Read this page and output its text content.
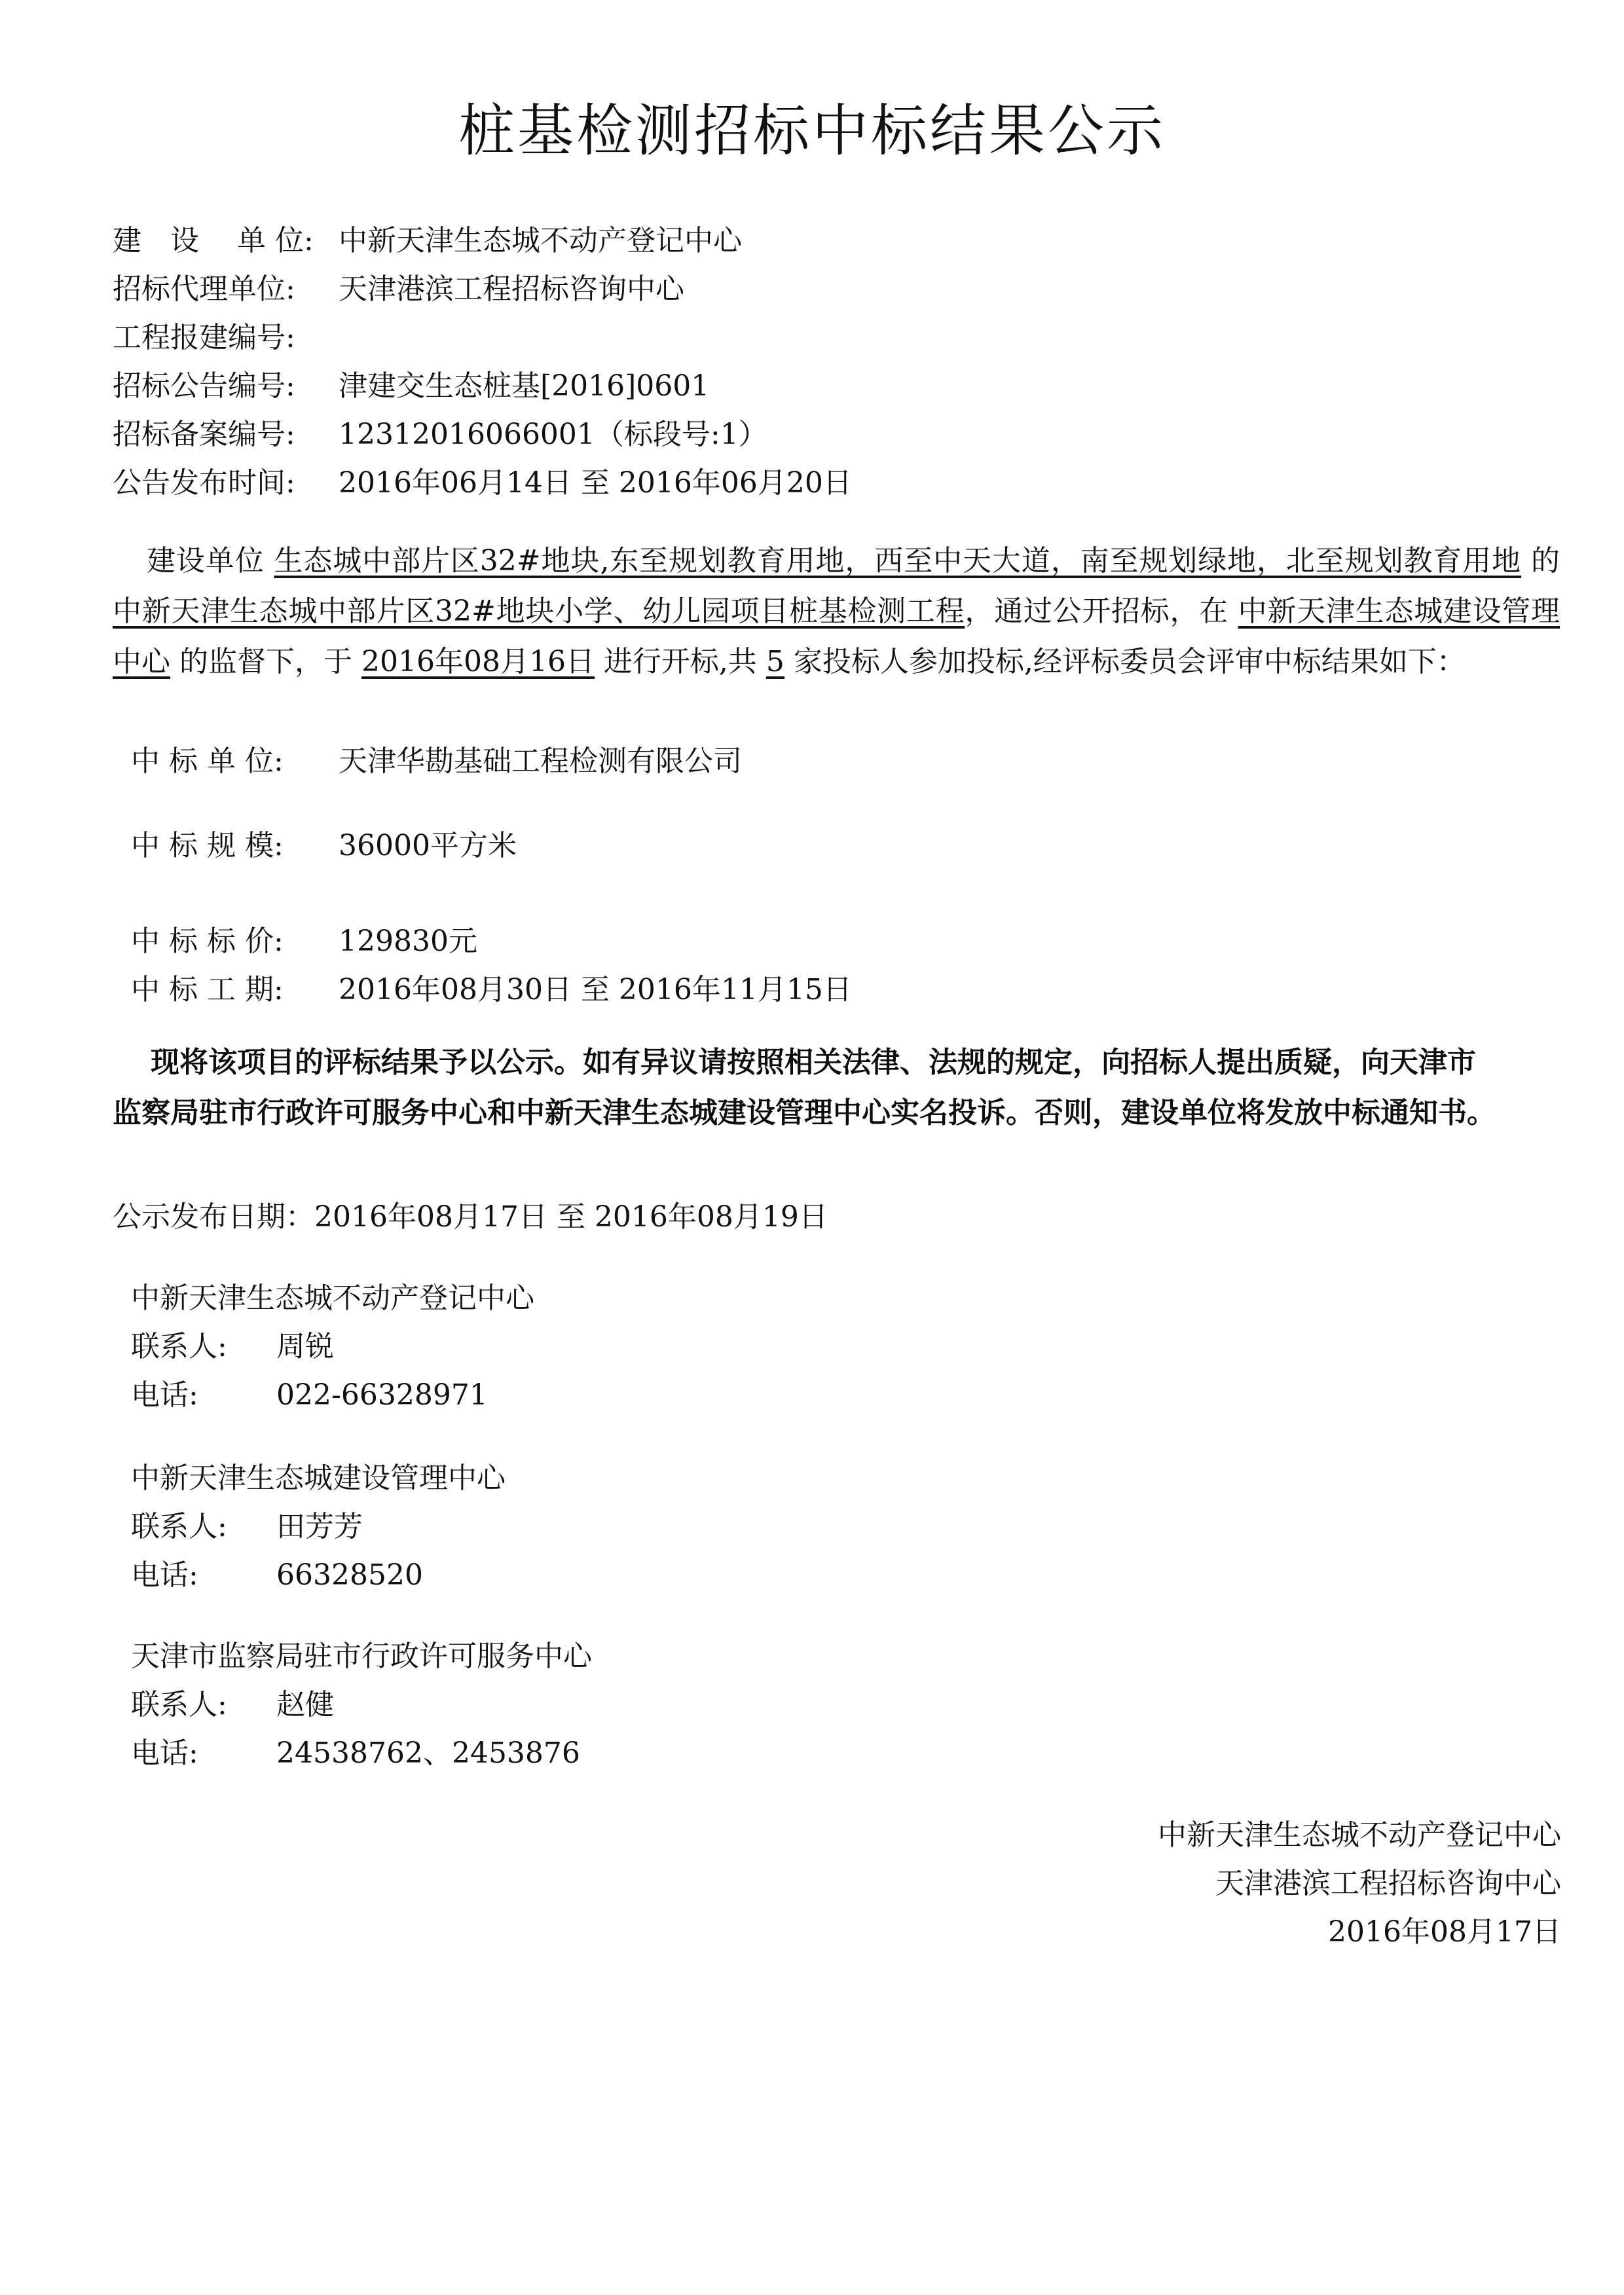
桩基检测招标中标结果公示
建　设　 单 位: 中新天津生态城不动产登记中心
招标代理单位: 天津港滨工程招标咨询中心
工程报建编号:
招标公告编号: 津建交生态桩基[2016]0601
招标备案编号: 12312016066001（标段号:1）
公告发布时间: 2016年06月14日 至 2016年06月20日
建设单位 生态城中部片区32#地块,东至规划教育用地，西至中天大道，南至规划绿地，北至规划教育用地 的 中新天津生态城中部片区32#地块小学、幼儿园项目桩基检测工程，通过公开招标，在 中新天津生态城建设管理中心 的监督下，于 2016年08月16日 进行开标,共 5 家投标人参加投标,经评标委员会评审中标结果如下：
中 标 单 位: 天津华勘基础工程检测有限公司
中 标 规 模: 36000平方米
中 标 标 价: 129830元
中 标 工 期: 2016年08月30日 至 2016年11月15日
现将该项目的评标结果予以公示。如有异议请按照相关法律、法规的规定，向招标人提出质疑，向天津市监察局驻市行政许可服务中心和中新天津生态城建设管理中心实名投诉。否则，建设单位将发放中标通知书。
公示发布日期：2016年08月17日 至 2016年08月19日
中新天津生态城不动产登记中心
联系人: 周锐
电话:	022-66328971
中新天津生态城建设管理中心
联系人: 田芳芳
电话:	66328520
天津市监察局驻市行政许可服务中心
联系人: 赵健
电话:	24538762、2453876
中新天津生态城不动产登记中心
天津港滨工程招标咨询中心
2016年08月17日
